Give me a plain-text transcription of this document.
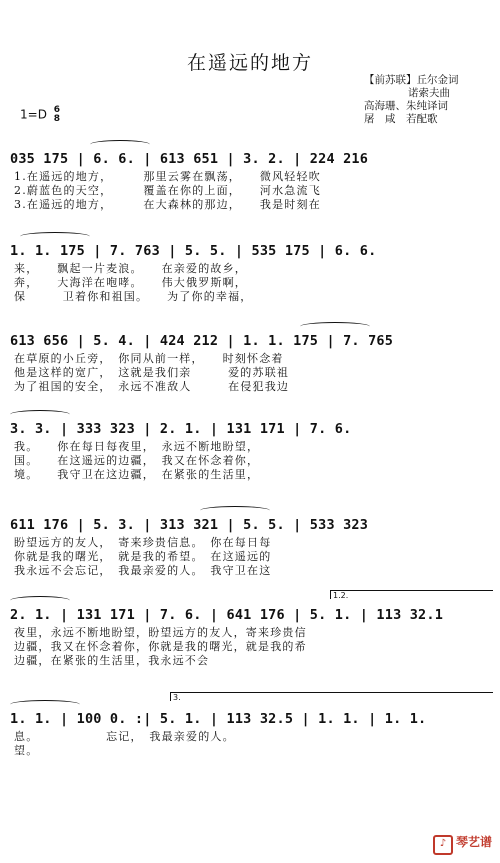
在遥远的地方
【前苏联】丘尔金词
诺索夫曲
高海珊、朱纯译词
屠　咸　若配歌
1=D 6
8
035 175 | 6. 6. | 613 651 | 3. 2. | 224 216
1.在遥远的地方，　　　那里云雾在飘荡，　　微风轻轻吹
2.蔚蓝色的天空，　　　覆盖在你的上面，　　河水急流飞
3.在遥远的地方，　　　在大森林的那边，　　我是时刻在
1. 1. 175 | 7. 763 | 5. 5. | 535 175 | 6. 6.
来，　　飘起一片麦浪。　　在亲爱的故乡，
奔，　　大海洋在咆哮。　　伟大俄罗斯啊，
保　　　卫着你和祖国。　　为了你的幸福，
613 656 | 5. 4. | 424 212 | 1. 1. 175 | 7. 765
在草原的小丘旁，　你同从前一样，　　时刻怀念着
他是这样的宽广，　这就是我们亲　　　爱的苏联祖
为了祖国的安全，　永远不准敌人　　　在侵犯我边
3. 3. | 333 323 | 2. 1. | 131 171 | 7. 6.
我。　　你在每日每夜里，　永远不断地盼望，
国。　　在这遥远的边疆，　我又在怀念着你，
境。　　我守卫在这边疆，　在紧张的生活里，
611 176 | 5. 3. | 313 321 | 5. 5. | 533 323
盼望远方的友人，　寄来珍贵信息。　你在每日每
你就是我的曙光，　就是我的希望。　在这遥远的
我永远不会忘记，　我最亲爱的人。　我守卫在这
1.2.
2. 1. | 131 171 | 7. 6. | 641 176 | 5. 1. | 113 32.1
夜里，永远不断地盼望，盼望远方的友人，寄来珍贵信
边疆，我又在怀念着你，你就是我的曙光，就是我的希
边疆，在紧张的生活里，我永远不会
3.
1. 1. | 100 0. :| 5. 1. | 113 32.5 | 1. 1. | 1. 1.
息。　　　　　　忘记，　我最亲爱的人。
望。
♪ 琴艺谱
